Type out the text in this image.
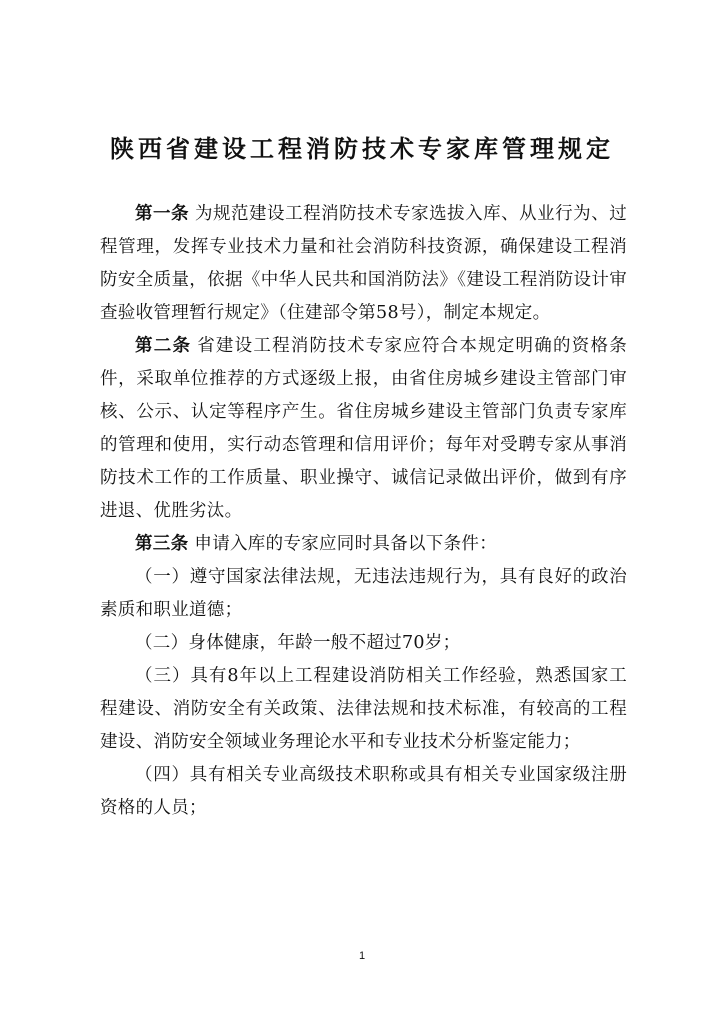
陕西省建设工程消防技术专家库管理规定

第一条 为规范建设工程消防技术专家选拔入库、从业行为、过程管理，发挥专业技术力量和社会消防科技资源，确保建设工程消防安全质量，依据《中华人民共和国消防法》《建设工程消防设计审查验收管理暂行规定》（住建部令第58号），制定本规定。

第二条 省建设工程消防技术专家应符合本规定明确的资格条件，采取单位推荐的方式逐级上报，由省住房城乡建设主管部门审核、公示、认定等程序产生。省住房城乡建设主管部门负责专家库的管理和使用，实行动态管理和信用评价；每年对受聘专家从事消防技术工作的工作质量、职业操守、诚信记录做出评价，做到有序进退、优胜劣汰。

第三条 申请入库的专家应同时具备以下条件：

（一）遵守国家法律法规，无违法违规行为，具有良好的政治素质和职业道德；

（二）身体健康，年龄一般不超过70岁；

（三）具有8年以上工程建设消防相关工作经验，熟悉国家工程建设、消防安全有关政策、法律法规和技术标准，有较高的工程建设、消防安全领域业务理论水平和专业技术分析鉴定能力；

（四）具有相关专业高级技术职称或具有相关专业国家级注册资格的人员；

1
